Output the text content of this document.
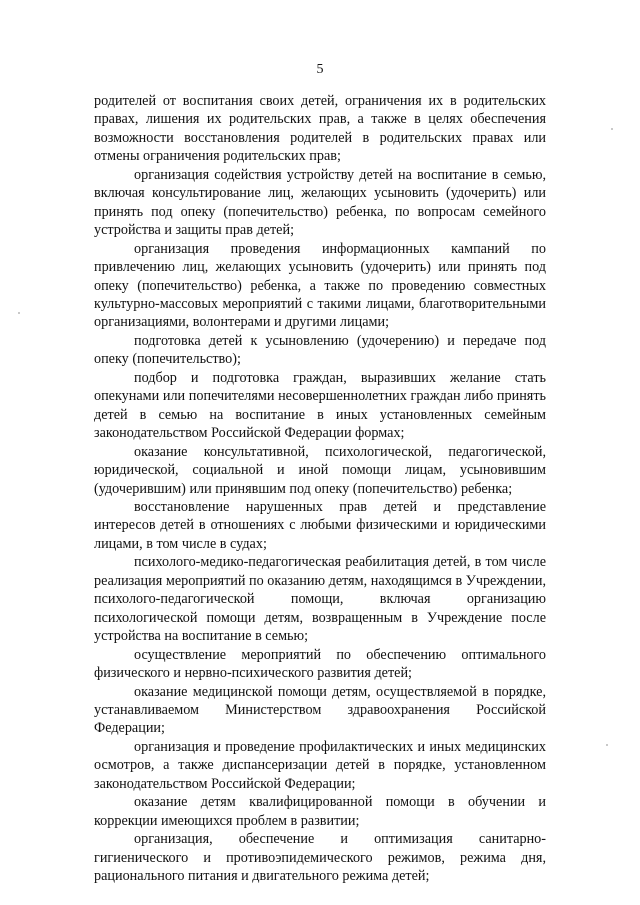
5

родителей от воспитания своих детей, ограничения их в родительских правах, лишения их родительских прав, а также в целях обеспечения возможности восстановления родителей в родительских правах или отмены ограничения родительских прав;

организация содействия устройству детей на воспитание в семью, включая консультирование лиц, желающих усыновить (удочерить) или принять под опеку (попечительство) ребенка, по вопросам семейного устройства и защиты прав детей;

организация проведения информационных кампаний по привлечению лиц, желающих усыновить (удочерить) или принять под опеку (попечительство) ребенка, а также по проведению совместных культурно-массовых мероприятий с такими лицами, благотворительными организациями, волонтерами и другими лицами;

подготовка детей к усыновлению (удочерению) и передаче под опеку (попечительство);

подбор и подготовка граждан, выразивших желание стать опекунами или попечителями несовершеннолетних граждан либо принять детей в семью на воспитание в иных установленных семейным законодательством Российской Федерации формах;

оказание консультативной, психологической, педагогической, юридической, социальной и иной помощи лицам, усыновившим (удочерившим) или принявшим под опеку (попечительство) ребенка;

восстановление нарушенных прав детей и представление интересов детей в отношениях с любыми физическими и юридическими лицами, в том числе в судах;

психолого-медико-педагогическая реабилитация детей, в том числе реализация мероприятий по оказанию детям, находящимся в Учреждении, психолого-педагогической помощи, включая организацию психологической помощи детям, возвращенным в Учреждение после устройства на воспитание в семью;

осуществление мероприятий по обеспечению оптимального физического и нервно-психического развития детей;

оказание медицинской помощи детям, осуществляемой в порядке, устанавливаемом Министерством здравоохранения Российской Федерации;

организация и проведение профилактических и иных медицинских осмотров, а также диспансеризации детей в порядке, установленном законодательством Российской Федерации;

оказание детям квалифицированной помощи в обучении и коррекции имеющихся проблем в развитии;

организация, обеспечение и оптимизация санитарно-гигиенического и противоэпидемического режимов, режима дня, рационального питания и двигательного режима детей;
